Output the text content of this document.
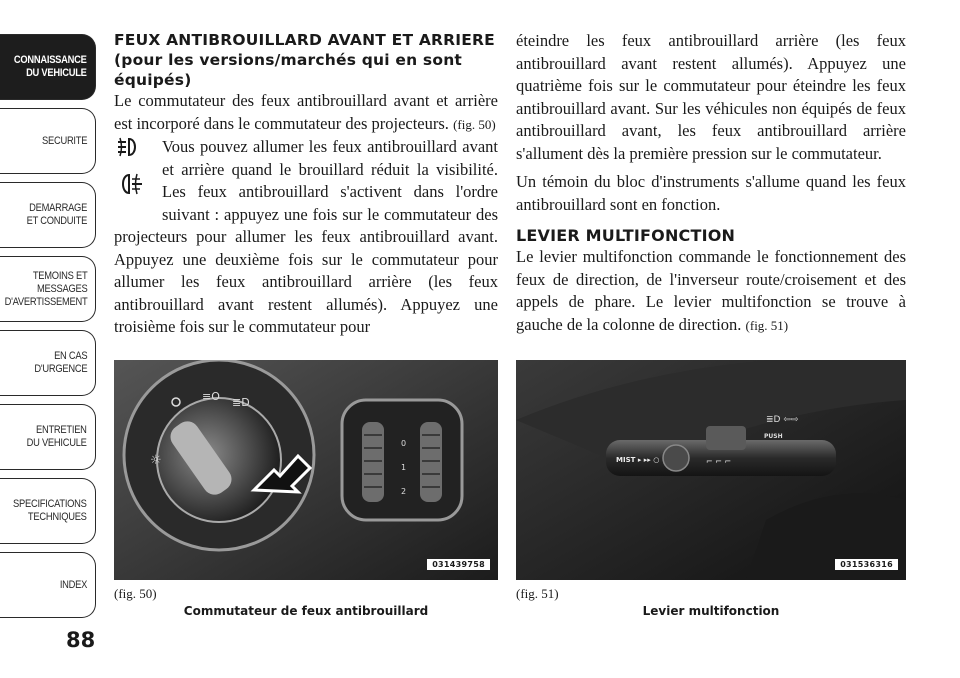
CONNAISSANCE
DU VEHICULE
SECURITE
DEMARRAGE
ET CONDUITE
TEMOINS ET
MESSAGES
D'AVERTISSEMENT
EN CAS
D'URGENCE
ENTRETIEN
DU VEHICULE
SPECIFICATIONS
TECHNIQUES
INDEX
88
FEUX ANTIBROUILLARD AVANT ET ARRIERE (pour les versions/marchés qui en sont équipés)

Le commutateur des feux antibrouillard avant et arrière est incorporé dans le commutateur des projecteurs. (fig. 50)

Vous pouvez allumer les feux antibrouillard avant et arrière quand le brouillard réduit la visibilité. Les feux antibrouillard s'activent dans l'ordre suivant : appuyez une fois sur le commutateur des projecteurs pour allumer les feux antibrouillard avant. Appuyez une deuxième fois sur le commutateur pour allumer les feux antibrouillard arrière (les feux antibrouillard avant restent allumés). Appuyez une troisième fois sur le commutateur pour

éteindre les feux antibrouillard arrière (les feux antibrouillard avant restent allumés). Appuyez une quatrième fois sur le commutateur pour éteindre les feux antibrouillard avant. Sur les véhicules non équipés de feux antibrouillard avant, les feux antibrouillard arrière s'allument dès la première pression sur le commutateur.

Un témoin du bloc d'instruments s'allume quand les feux antibrouillard sont en fonction.

LEVIER MULTIFONCTION

Le levier multifonction commande le fonctionnement des feux de direction, de l'inverseur route/croisement et des appels de phare. Le levier multifonction se trouve à gauche de la colonne de direction. (fig. 51)

≡O ≣D
☼
0
1
2
031439758
(fig. 50)
Commutateur de feux antibrouillard
MIST ▸ ▸▸ ○	⌐ ⌐ ⌐
≣D ⇦⇨
PUSH
031536316
(fig. 51)
Levier multifonction
